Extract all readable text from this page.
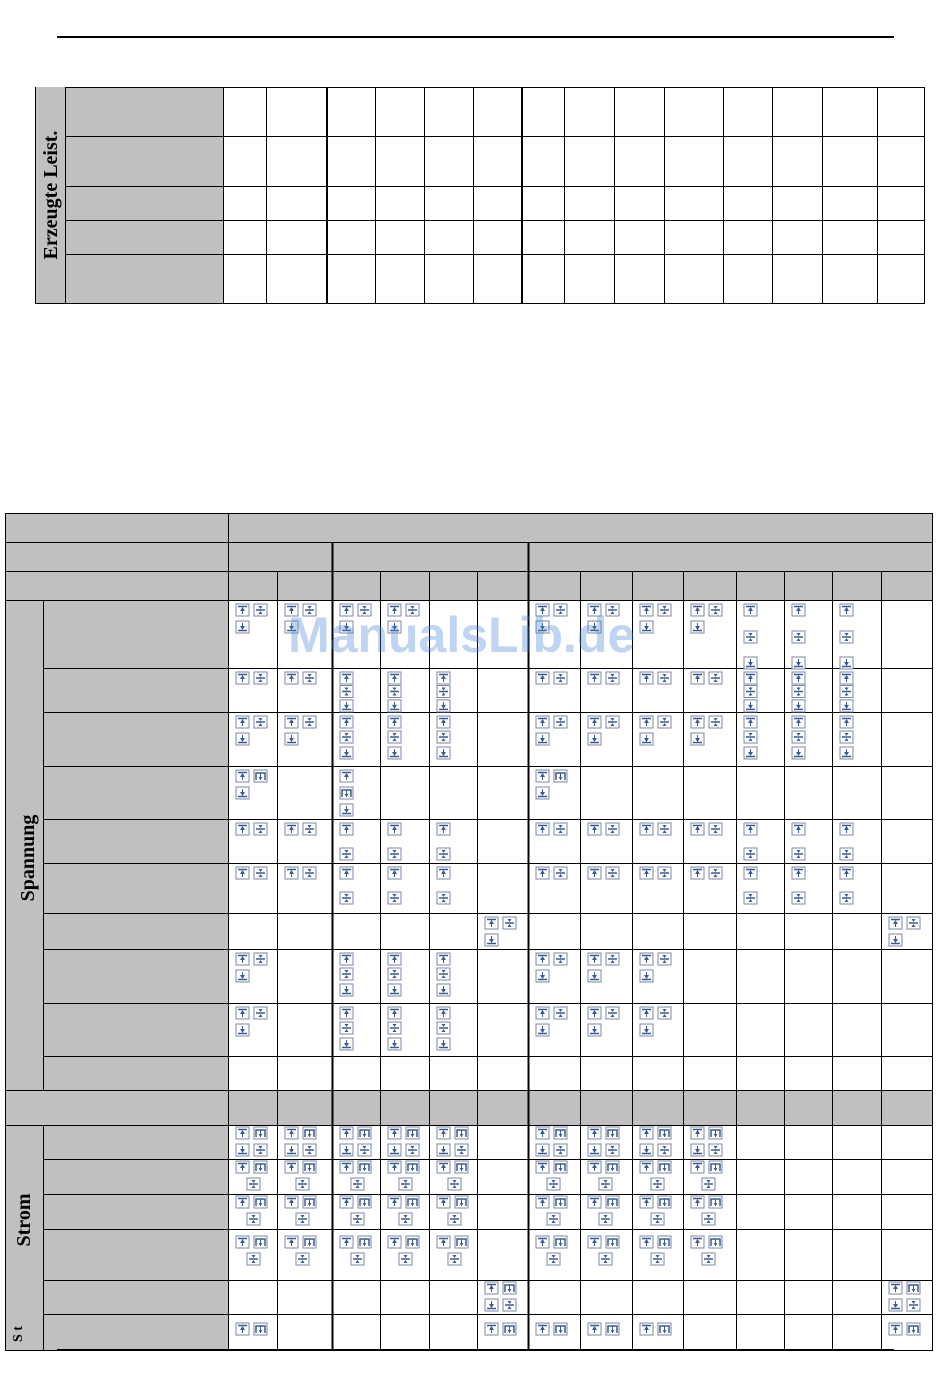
Erzeugte Leist.
Spannung
Strom
S t
ManualsLib.de
